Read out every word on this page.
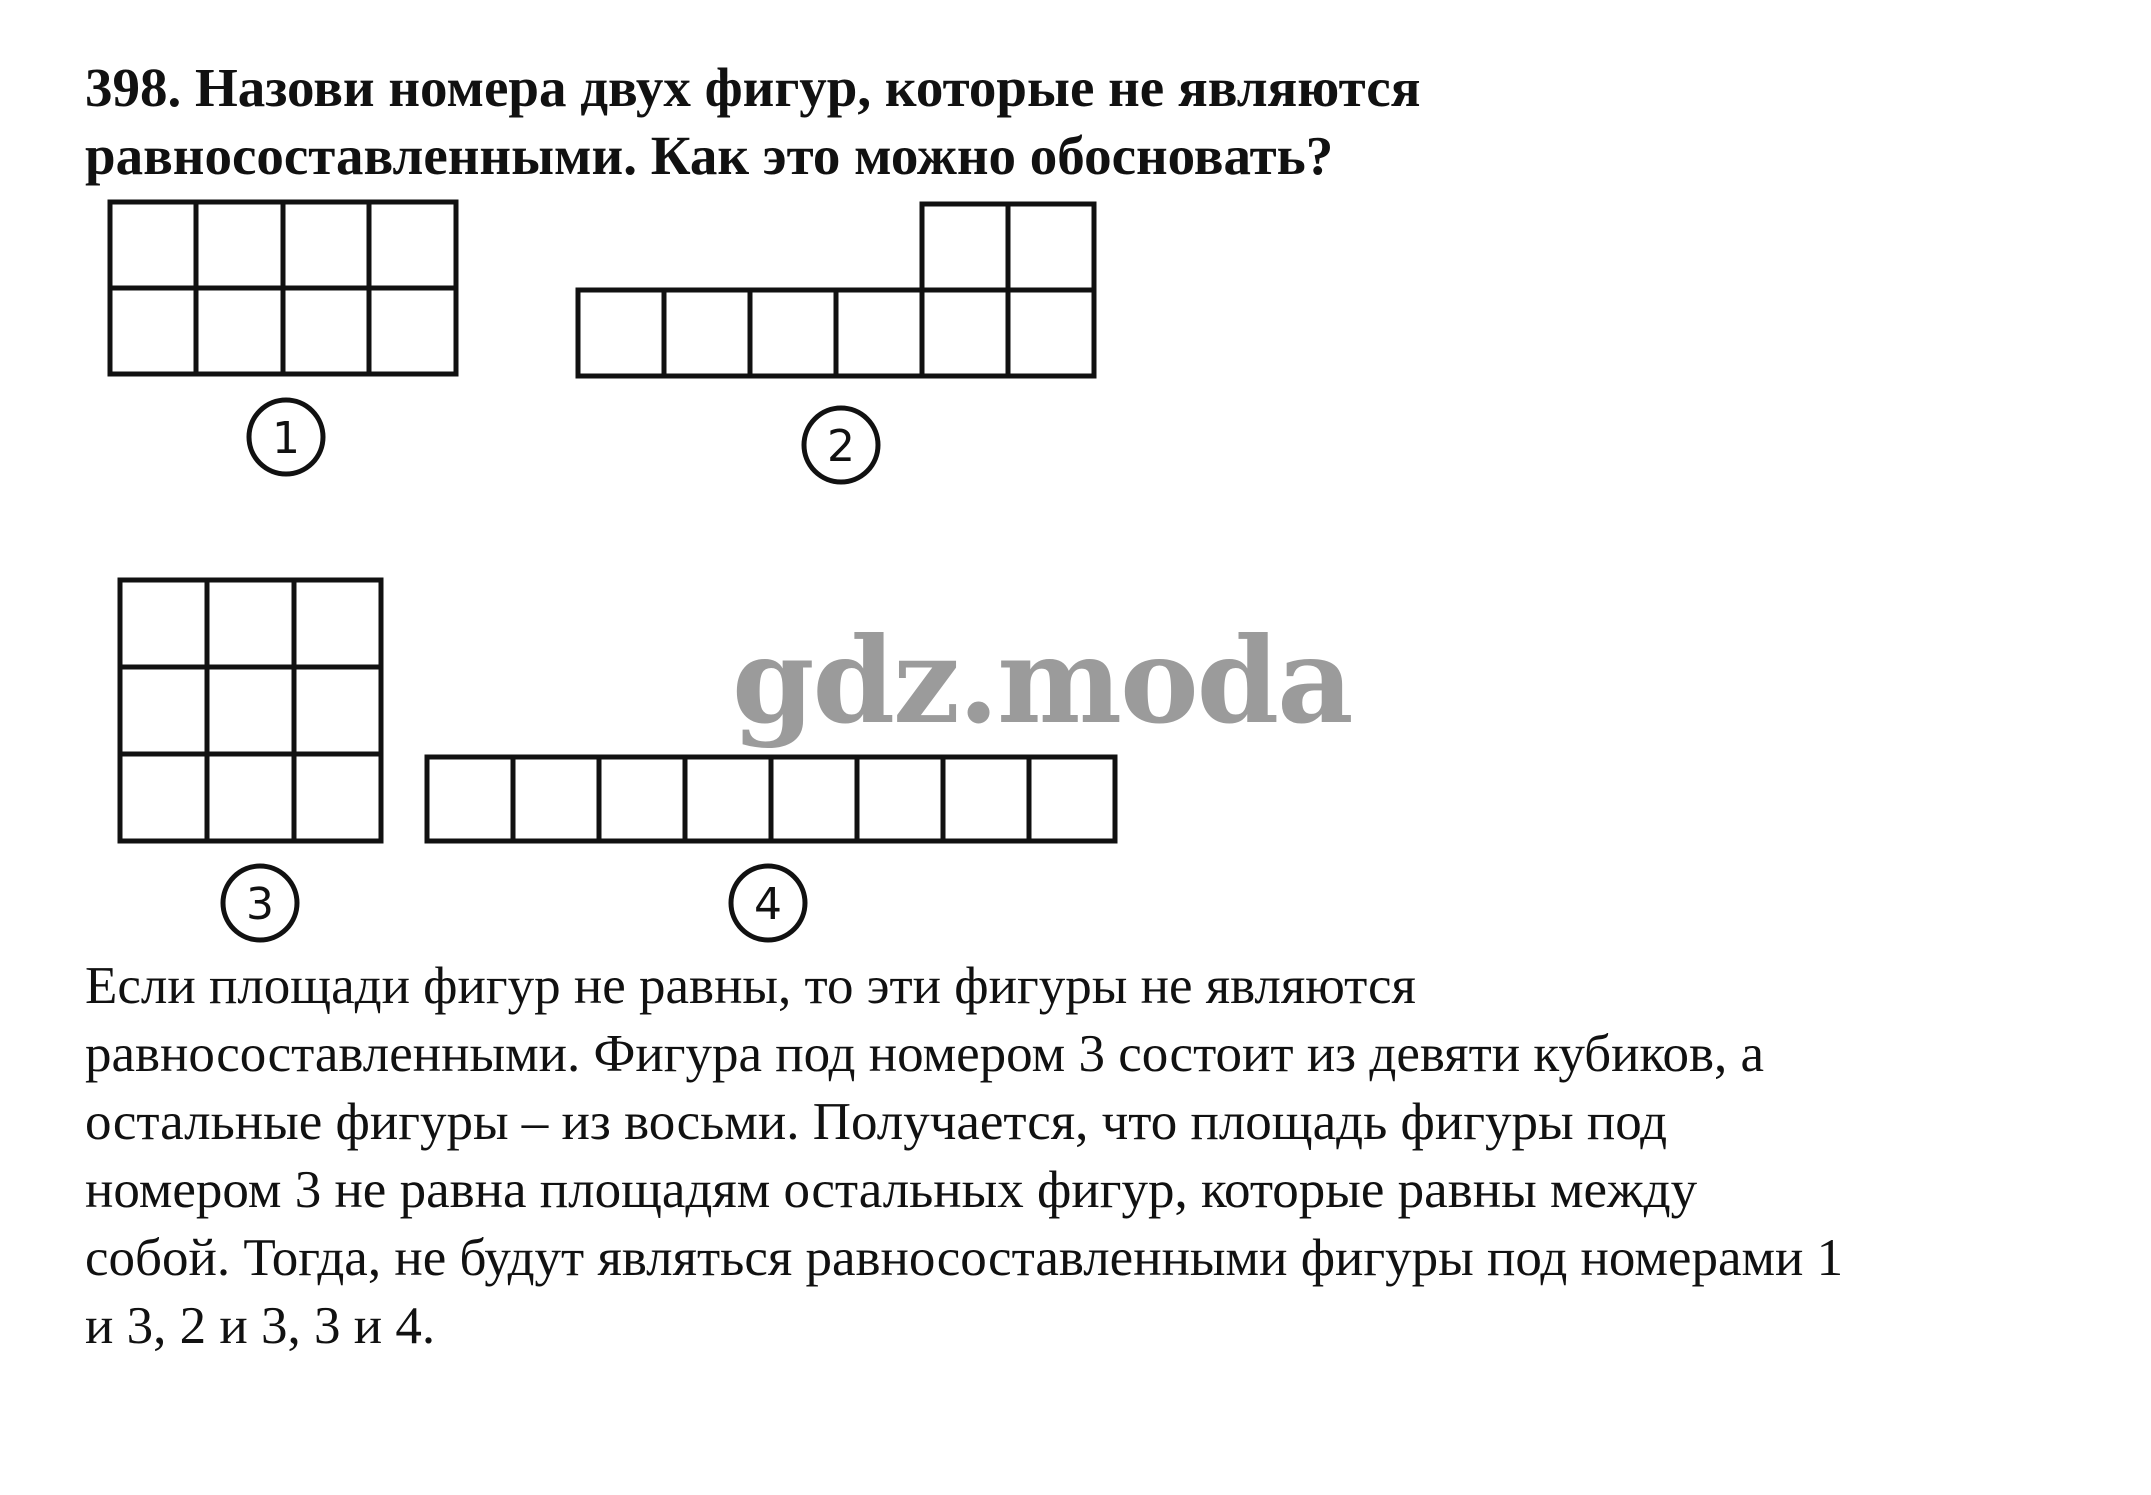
398. Назови номера двух фигур, которые не являются

равносоставленными. Как это можно обосновать?

gdz.moda
1	2
3	4

Если площади фигур не равны, то эти фигуры не являются

равносоставленными. Фигура под номером 3 состоит из девяти кубиков, а

остальные фигуры – из восьми. Получается, что площадь фигуры под

номером 3 не равна площадям остальных фигур, которые равны между

собой. Тогда, не будут являться равносоставленными фигуры под номерами 1

и 3, 2 и 3, 3 и 4.
